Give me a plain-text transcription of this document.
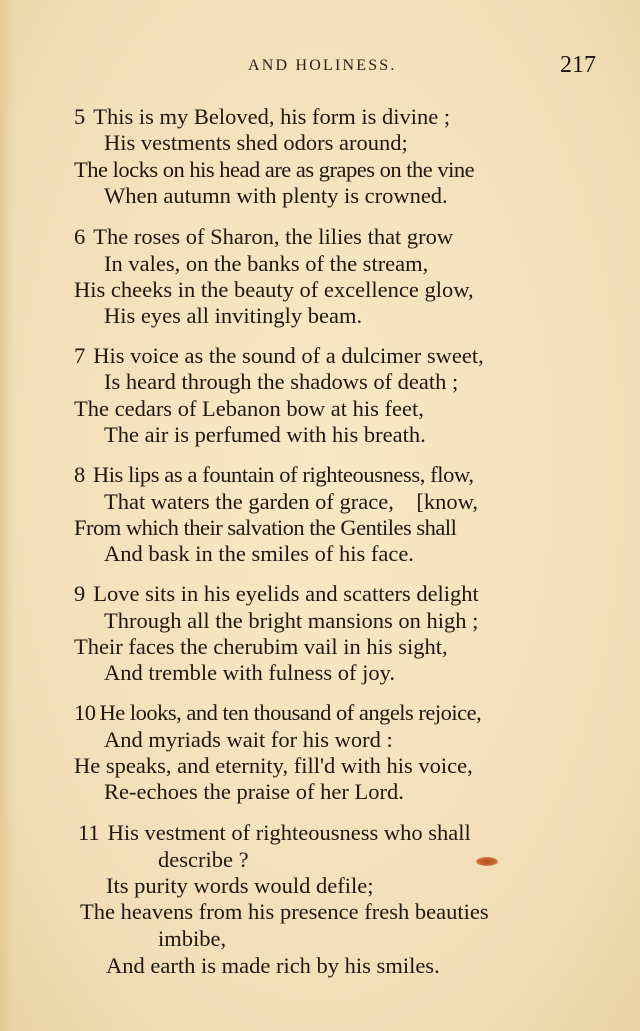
AND HOLINESS.	217
5 This is my Beloved, his form is divine ;
His vestments shed odors around;
The locks on his head are as grapes on the vine
When autumn with plenty is crowned.
6 The roses of Sharon, the lilies that grow
In vales, on the banks of the stream,
His cheeks in the beauty of excellence glow,
His eyes all invitingly beam.
7 His voice as the sound of a dulcimer sweet,
Is heard through the shadows of death ;
The cedars of Lebanon bow at his feet,
The air is perfumed with his breath.
8 His lips as a fountain of righteousness, flow,
That waters the garden of grace,    [know,
From which their salvation the Gentiles shall
And bask in the smiles of his face.
9 Love sits in his eyelids and scatters delight
Through all the bright mansions on high ;
Their faces the cherubim vail in his sight,
And tremble with fulness of joy.
10 He looks, and ten thousand of angels rejoice,
And myriads wait for his word :
He speaks, and eternity, fill'd with his voice,
Re-echoes the praise of her Lord.
11 His vestment of righteousness who shall
describe ?
Its purity words would defile;
The heavens from his presence fresh beauties
imbibe,
And earth is made rich by his smiles.
